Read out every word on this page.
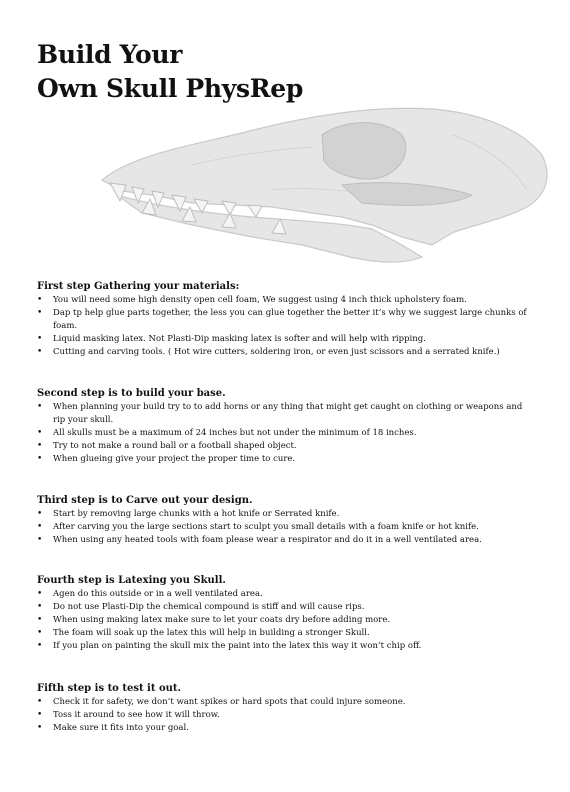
Build Your
Own Skull PhysRep
First step Gathering your materials:
• You will need some high density open cell foam, We suggest using 4 inch thick upholstery foam.
• Dap tp help glue parts together, the less you can glue together the better it’s why we suggest large chunks of foam.
• Liquid masking latex. Not Plasti-Dip masking latex is softer and will help with ripping.
• Cutting and carving tools. ( Hot wire cutters, soldering iron, or even just scissors and a serrated knife.)
Second step is to build your base.
• When planning your build try to to add horns or any thing that might get caught on clothing or weapons and rip your skull.
• All skulls must be a maximum of 24 inches but not under the minimum of 18 inches.
• Try to not make a round ball or a football shaped object.
• When glueing give your project the proper time to cure.
Third step is to Carve out your design.
• Start by removing large chunks with a hot knife or Serrated knife.
• After carving you the large sections start to sculpt you small details with a foam knife or hot knife.
• When using any heated tools with foam please wear a respirator and do it in a well ventilated area.
Fourth step is Latexing you Skull.
• Agen do this outside or in a well ventilated area.
• Do not use Plasti-Dip the chemical compound is stiff and will cause rips.
• When using making latex make sure to let your coats dry before adding more.
• The foam will soak up the latex this will help in building a stronger Skull.
• If you plan on painting the skull mix the paint into the latex this way it won’t chip off.
Fifth step is to test it out.
• Check it for safety, we don’t want spikes or hard spots that could injure someone.
• Toss it around to see how it will throw.
• Make sure it fits into your goal.
